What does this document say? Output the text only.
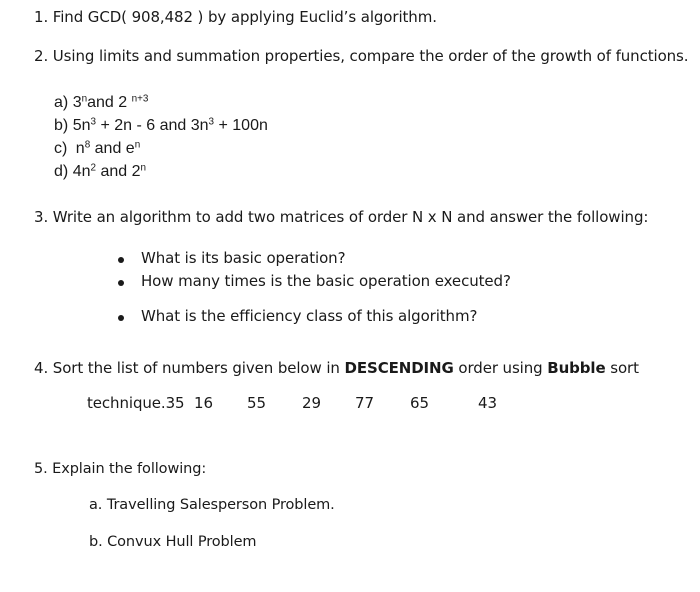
1. Find GCD( 908,482 ) by applying Euclid’s algorithm.
2. Using limits and summation properties, compare the order of the growth of functions.
a) 3$^n$and 2 $^{n+3}$
b) $5n^3 + 2n - 6$ and $3n^3 + 100n$
c) $n^8$ and $e^n$
d) $4n^2$ and 2$^n$
3. Write an algorithm to add two matrices of order N x N and answer the following:
What is its basic operation?
How many times is the basic operation executed?
What is the efficiency class of this algorithm?
4. Sort the list of numbers given below in DESCENDING order using Bubble sort
technique.35 16 55 29 77 65	43
5. Explain the following:
a. Travelling Salesperson Problem.
b. Convux Hull Problem
